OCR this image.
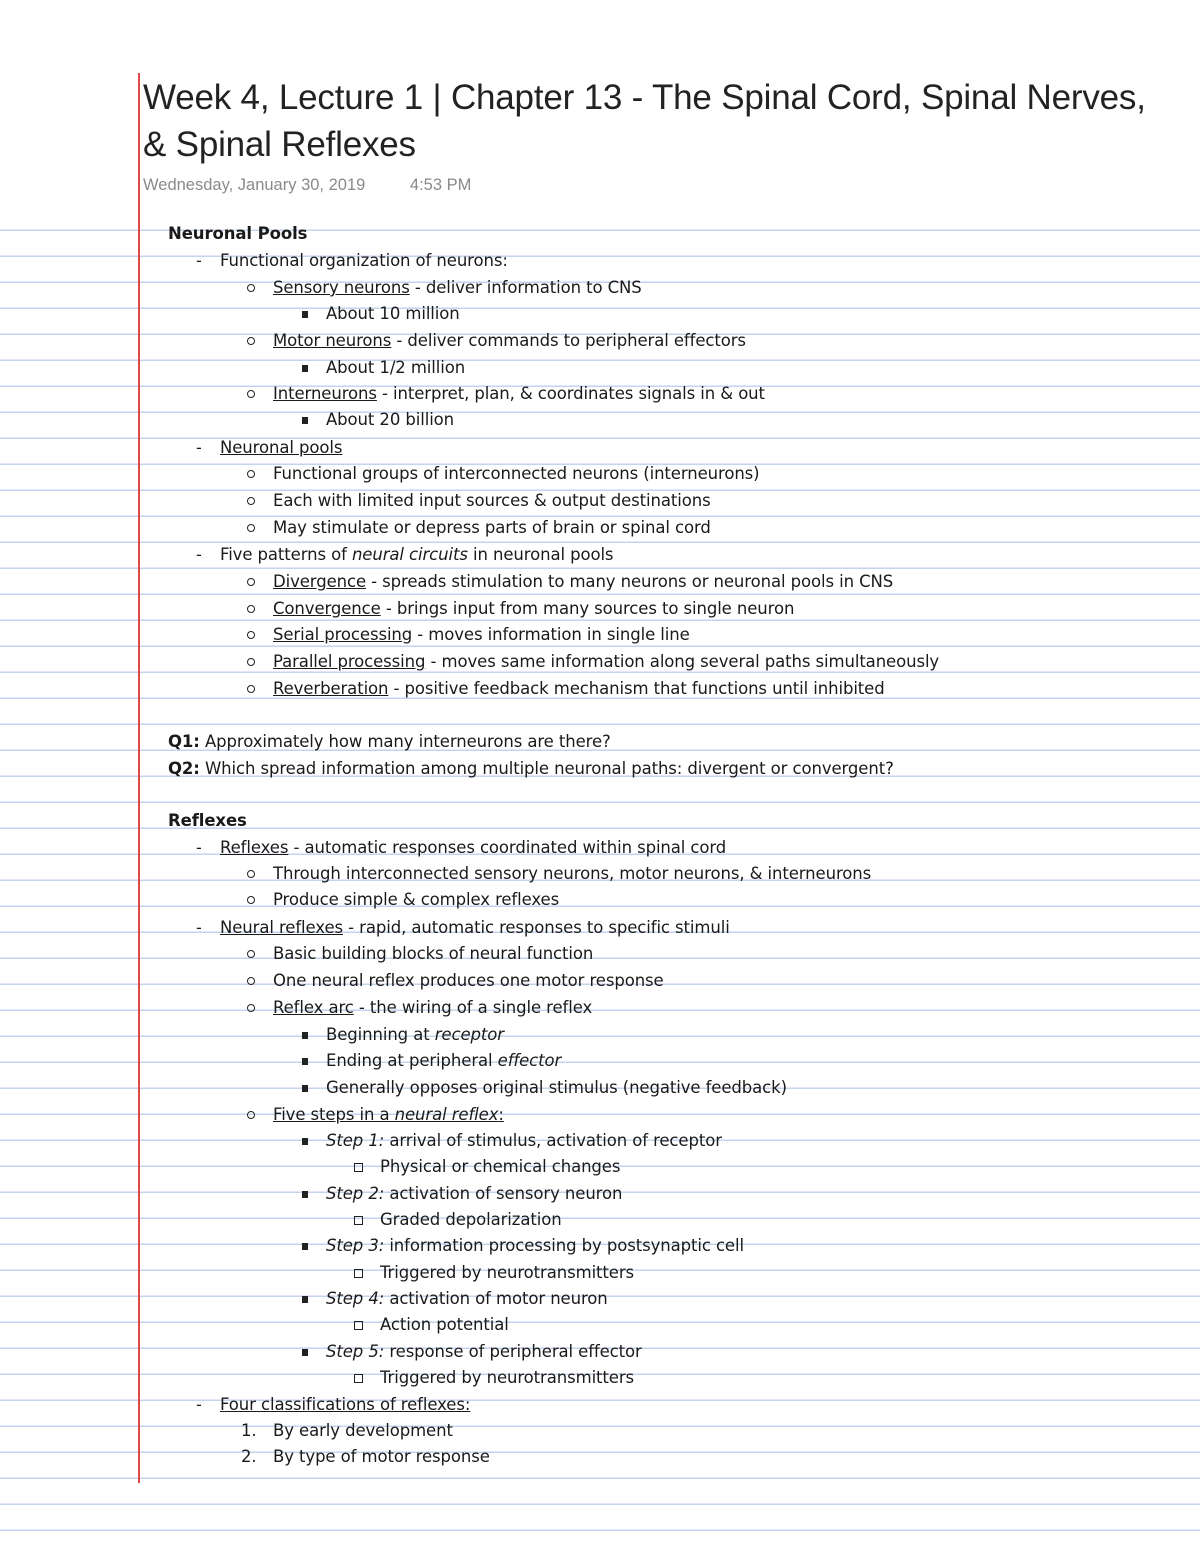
Week 4, Lecture 1 | Chapter 13 - The Spinal Cord, Spinal Nerves, & Spinal Reflexes
Wednesday, January 30, 2019	4:53 PM
Neuronal Pools
- Functional organization of neurons:
Sensory neurons - deliver information to CNS
About 10 million
Motor neurons - deliver commands to peripheral effectors
About 1/2 million
Interneurons - interpret, plan, & coordinates signals in & out
About 20 billion
- Neuronal pools
Functional groups of interconnected neurons (interneurons)
Each with limited input sources & output destinations
May stimulate or depress parts of brain or spinal cord
- Five patterns of neural circuits in neuronal pools
Divergence - spreads stimulation to many neurons or neuronal pools in CNS
Convergence - brings input from many sources to single neuron
Serial processing - moves information in single line
Parallel processing - moves same information along several paths simultaneously
Reverberation - positive feedback mechanism that functions until inhibited
Q1: Approximately how many interneurons are there?
Q2: Which spread information among multiple neuronal paths: divergent or convergent?
Reflexes
- Reflexes - automatic responses coordinated within spinal cord
Through interconnected sensory neurons, motor neurons, & interneurons
Produce simple & complex reflexes
- Neural reflexes - rapid, automatic responses to specific stimuli
Basic building blocks of neural function
One neural reflex produces one motor response
Reflex arc - the wiring of a single reflex
Beginning at receptor
Ending at peripheral effector
Generally opposes original stimulus (negative feedback)
Five steps in a neural reflex:
Step 1: arrival of stimulus, activation of receptor
Physical or chemical changes
Step 2: activation of sensory neuron
Graded depolarization
Step 3: information processing by postsynaptic cell
Triggered by neurotransmitters
Step 4: activation of motor neuron
Action potential
Step 5: response of peripheral effector
Triggered by neurotransmitters
- Four classifications of reflexes:
1. By early development
2. By type of motor response
